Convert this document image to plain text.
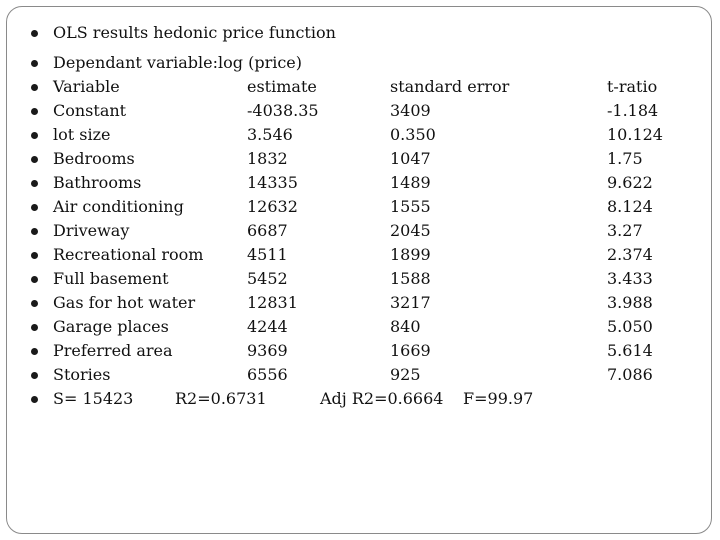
OLS results hedonic price function
Dependant variable:log (price)
Variable	estimate	standard error	t-ratio
Constant	-4038.35	3409	-1.184
lot size	3.546	0.350	10.124
Bedrooms	1832	1047	1.75
Bathrooms	14335	1489	9.622
Air conditioning	12632	1555	8.124
Driveway	6687	2045	3.27
Recreational room	4511	1899	2.374
Full basement	5452	1588	3.433
Gas for hot water	12831	3217	3.988
Garage places	4244	840	5.050
Preferred area	9369	1669	5.614
Stories	6556	925	7.086
S= 15423	R2=0.6731	Adj R2=0.6664 F=99.97
